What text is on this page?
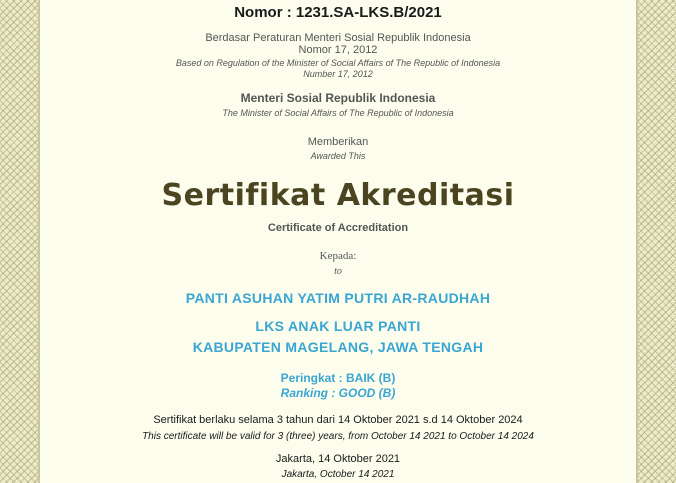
Nomor : 1231.SA-LKS.B/2021

Berdasar Peraturan Menteri Sosial Republik Indonesia

Nomor 17, 2012

Based on Regulation of the Minister of Social Affairs of The Republic of Indonesia

Number 17, 2012

Menteri Sosial Republik Indonesia

The Minister of Social Affairs of The Republic of Indonesia

Memberikan

Awarded This

Sertifikat Akreditasi

Certificate of Accreditation

Kepada:

to

PANTI ASUHAN YATIM PUTRI AR-RAUDHAH

LKS ANAK LUAR PANTI

KABUPATEN MAGELANG, JAWA TENGAH

Peringkat : BAIK (B)

Ranking : GOOD (B)

Sertifikat berlaku selama 3 tahun dari 14 Oktober 2021 s.d 14 Oktober 2024

This certificate will be valid for 3 (three) years, from October 14 2021 to October 14 2024

Jakarta, 14 Oktober 2021

Jakarta, October 14 2021
